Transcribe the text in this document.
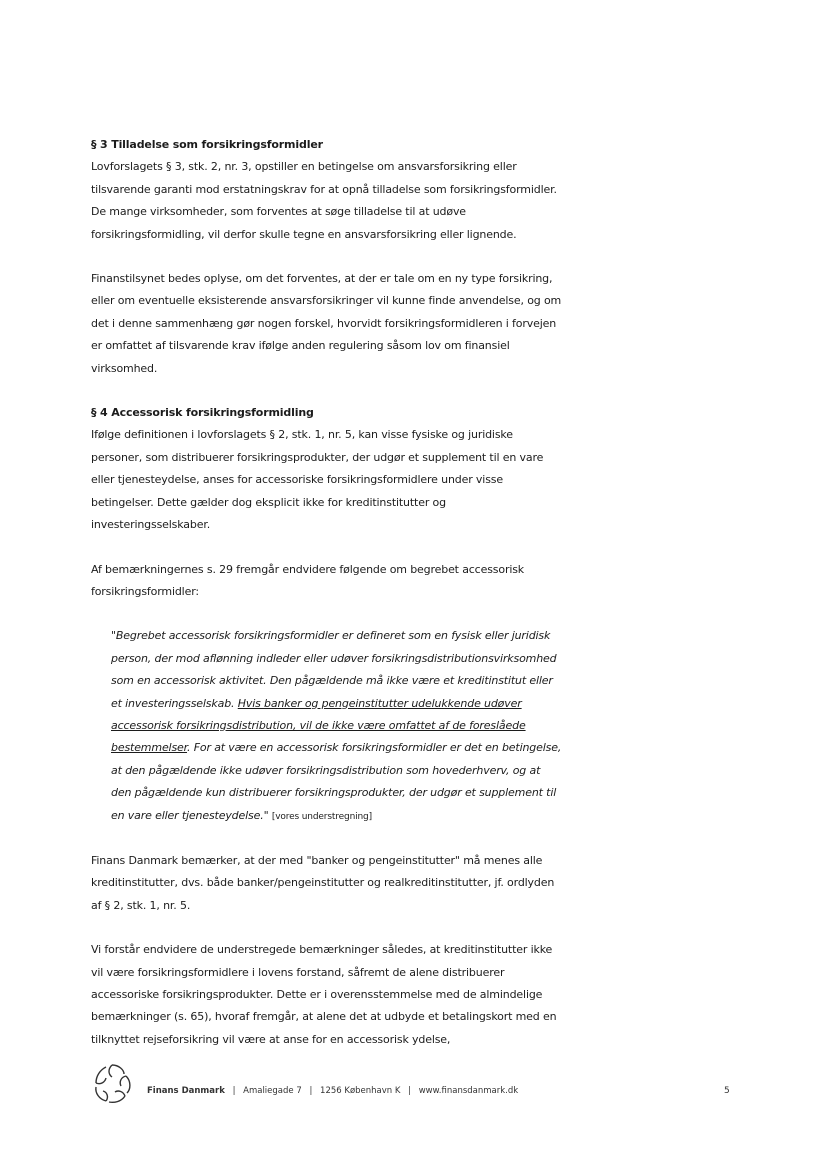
§ 3 Tilladelse som forsikringsformidler

Lovforslagets § 3, stk. 2, nr. 3, opstiller en betingelse om ansvarsforsikring eller tilsvarende garanti mod erstatningskrav for at opnå tilladelse som forsikringsformidler. De mange virksomheder, som forventes at søge tilladelse til at udøve forsikringsformidling, vil derfor skulle tegne en ansvarsforsikring eller lignende.

Finanstilsynet bedes oplyse, om det forventes, at der er tale om en ny type forsikring, eller om eventuelle eksisterende ansvarsforsikringer vil kunne finde anvendelse, og om det i denne sammenhæng gør nogen forskel, hvorvidt forsikringsformidleren i forvejen er omfattet af tilsvarende krav ifølge anden regulering såsom lov om finansiel virksomhed.

§ 4 Accessorisk forsikringsformidling

Ifølge definitionen i lovforslagets § 2, stk. 1, nr. 5, kan visse fysiske og juridiske personer, som distribuerer forsikringsprodukter, der udgør et supplement til en vare eller tjenesteydelse, anses for accessoriske forsikringsformidlere under visse betingelser. Dette gælder dog eksplicit ikke for kreditinstitutter og investeringsselskaber.

Af bemærkningernes s. 29 fremgår endvidere følgende om begrebet accessorisk forsikringsformidler:

"Begrebet accessorisk forsikringsformidler er defineret som en fysisk eller juridisk person, der mod aflønning indleder eller udøver forsikringsdistributionsvirksomhed som en accessorisk aktivitet. Den pågældende må ikke være et kreditinstitut eller et investeringsselskab. Hvis banker og pengeinstitutter udelukkende udøver accessorisk forsikringsdistribution, vil de ikke være omfattet af de foreslåede bestemmelser. For at være en accessorisk forsikringsformidler er det en betingelse, at den pågældende ikke udøver forsikringsdistribution som hovederhverv, og at den pågældende kun distribuerer forsikringsprodukter, der udgør et supplement til en vare eller tjenesteydelse." [vores understregning]

Finans Danmark bemærker, at der med "banker og pengeinstitutter" må menes alle kreditinstitutter, dvs. både banker/pengeinstitutter og realkreditinstitutter, jf. ordlyden af § 2, stk. 1, nr. 5.

Vi forstår endvidere de understregede bemærkninger således, at kreditinstitutter ikke vil være forsikringsformidlere i lovens forstand, såfremt de alene distribuerer accessoriske forsikringsprodukter. Dette er i overensstemmelse med de almindelige bemærkninger (s. 65), hvoraf fremgår, at alene det at udbyde et betalingskort med en tilknyttet rejseforsikring vil være at anse for en accessorisk ydelse,

Finans Danmark | Amaliegade 7 | 1256 København K | www.finansdanmark.dk	5
